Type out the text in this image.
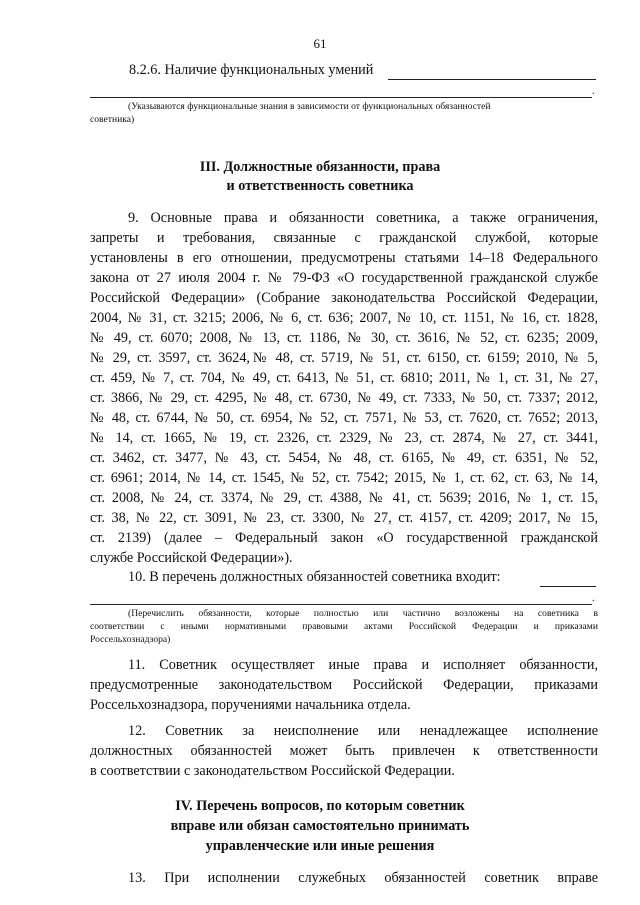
61
8.2.6. Наличие функциональных умений
.
(Указываются функциональные знания в зависимости от функциональных обязанностей
советника)
III. Должностные обязанности, права
и ответственность советника
9. Основные права и обязанности советника, а также ограничения,
запреты и требования, связанные с гражданской службой, которые
установлены в его отношении, предусмотрены статьями 14–18 Федерального
закона от 27 июля 2004 г. № 79-ФЗ «О государственной гражданской службе
Российской Федерации» (Собрание законодательства Российской Федерации,
2004, № 31, ст. 3215; 2006, № 6, ст. 636; 2007, № 10, ст. 1151, № 16, ст. 1828,
№ 49, ст. 6070; 2008, № 13, ст. 1186, № 30, ст. 3616, № 52, ст. 6235; 2009,
№ 29, ст. 3597, ст. 3624,№ 48, ст. 5719, № 51, ст. 6150, ст. 6159; 2010, № 5,
ст. 459, № 7, ст. 704, № 49, ст. 6413, № 51, ст. 6810; 2011, № 1, ст. 31, № 27,
ст. 3866, № 29, ст. 4295, № 48, ст. 6730, № 49, ст. 7333, № 50, ст. 7337; 2012,
№ 48, ст. 6744, № 50, ст. 6954, № 52, ст. 7571, № 53, ст. 7620, ст. 7652; 2013,
№ 14, ст. 1665, № 19, ст. 2326, ст. 2329, № 23, ст. 2874, № 27, ст. 3441,
ст. 3462, ст. 3477, № 43, ст. 5454, № 48, ст. 6165, № 49, ст. 6351, № 52,
ст. 6961; 2014, № 14, ст. 1545, № 52, ст. 7542; 2015, № 1, ст. 62, ст. 63, № 14,
ст. 2008, № 24, ст. 3374, № 29, ст. 4388, № 41, ст. 5639; 2016, № 1, ст. 15,
ст. 38, № 22, ст. 3091, № 23, ст. 3300, № 27, ст. 4157, ст. 4209; 2017, № 15,
ст. 2139) (далее – Федеральный закон «О государственной гражданской
службе Российской Федерации»).
10. В перечень должностных обязанностей советника входит:
.
(Перечислить обязанности, которые полностью или частично возложены на советника в
соответствии с иными нормативными правовыми актами Российской Федерации и приказами
Россельхознадзора)
11. Советник осуществляет иные права и исполняет обязанности,
предусмотренные законодательством Российской Федерации, приказами
Россельхознадзора, поручениями начальника отдела.
12. Советник за неисполнение или ненадлежащее исполнение
должностных обязанностей может быть привлечен к ответственности
в соответствии с законодательством Российской Федерации.
IV. Перечень вопросов, по которым советник
вправе или обязан самостоятельно принимать
управленческие или иные решения
13. При исполнении служебных обязанностей советник вправе
